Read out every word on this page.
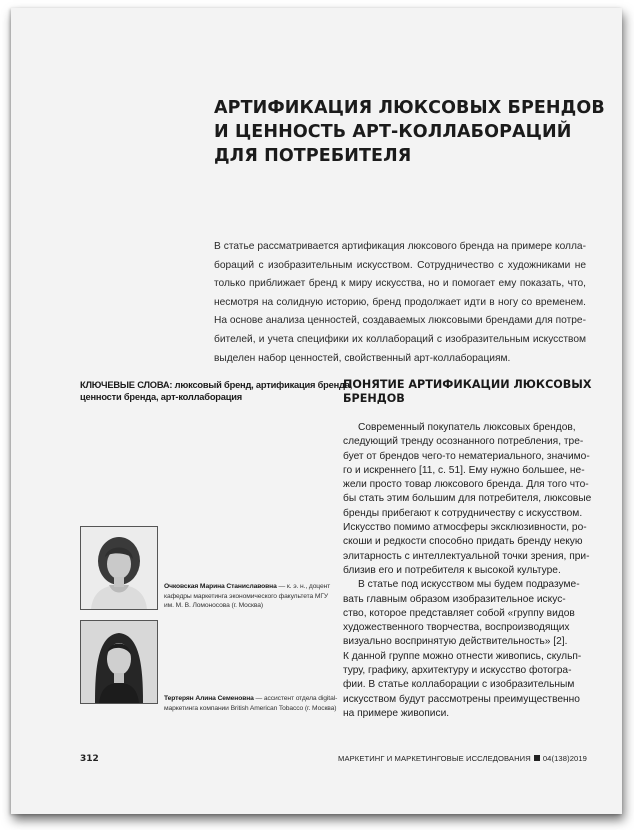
АРТИФИКАЦИЯ ЛЮКСОВЫХ БРЕНДОВ
И ЦЕННОСТЬ АРТ-КОЛЛАБОРАЦИЙ
ДЛЯ ПОТРЕБИТЕЛЯ
В статье рассматривается артификация люксового бренда на примере колла-
бораций с изобразительным искусством. Сотрудничество с художниками не
только приближает бренд к миру искусства, но и помогает ему показать, что,
несмотря на солидную историю, бренд продолжает идти в ногу со временем.
На основе анализа ценностей, создаваемых люксовыми брендами для потре-
бителей, и учета специфики их коллабораций с изобразительным искусством
выделен набор ценностей, свойственный арт-коллаборациям.
КЛЮЧЕВЫЕ СЛОВА: люксовый бренд, артификация бренда,
ценности бренда, арт-коллаборация
ПОНЯТИЕ АРТИФИКАЦИИ ЛЮКСОВЫХ
БРЕНДОВ
Современный покупатель люксовых брендов,
следующий тренду осознанного потребления, тре-
бует от брендов чего-то нематериального, значимо-
го и искреннего [11, с. 51]. Ему нужно большее, не-
жели просто товар люксового бренда. Для того что-
бы стать этим большим для потребителя, люксовые
бренды прибегают к сотрудничеству с искусством.
Искусство помимо атмосферы эксклюзивности, ро-
скоши и редкости способно придать бренду некую
элитарность с интеллектуальной точки зрения, при-
близив его и потребителя к высокой культуре.
В статье под искусством мы будем подразуме-
вать главным образом изобразительное искус-
ство, которое представляет собой «группу видов
художественного творчества, воспроизводящих
визуально воспринятую действительность» [2].
К данной группе можно отнести живопись, скульп-
туру, графику, архитектуру и искусство фотогра-
фии. В статье коллаборации с изобразительным
искусством будут рассмотрены преимущественно
на примере живописи.
Очковская Марина Станиславовна — к. э. н., доцент
кафедры маркетинга экономического факультета МГУ
им. М. В. Ломоносова (г. Москва)
Тертерян Алина Семеновна — ассистент отдела digital-
маркетинга компании British American Tobacco (г. Москва)
312	МАРКЕТИНГ И МАРКЕТИНГОВЫЕ ИССЛЕДОВАНИЯ 04(138)2019
